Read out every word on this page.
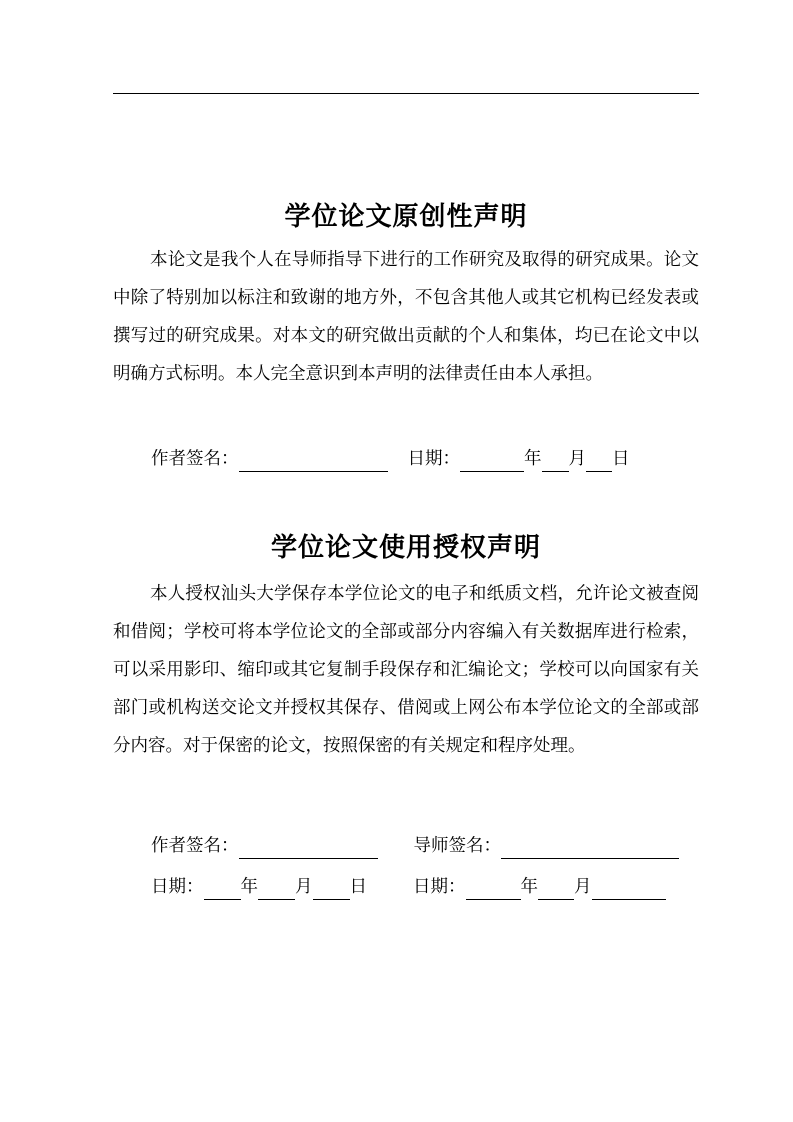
学位论文原创性声明

本论文是我个人在导师指导下进行的工作研究及取得的研究成果。论文中除了特别加以标注和致谢的地方外，不包含其他人或其它机构已经发表或撰写过的研究成果。对本文的研究做出贡献的个人和集体，均已在论文中以明确方式标明。本人完全意识到本声明的法律责任由本人承担。

作者签名：	日期：	年 月 日
学位论文使用授权声明

本人授权汕头大学保存本学位论文的电子和纸质文档，允许论文被查阅和借阅；学校可将本学位论文的全部或部分内容编入有关数据库进行检索，可以采用影印、缩印或其它复制手段保存和汇编论文；学校可以向国家有关部门或机构送交论文并授权其保存、借阅或上网公布本学位论文的全部或部分内容。对于保密的论文，按照保密的有关规定和程序处理。

作者签名：	导师签名：
日期： 年 月 日	日期：	年 月
